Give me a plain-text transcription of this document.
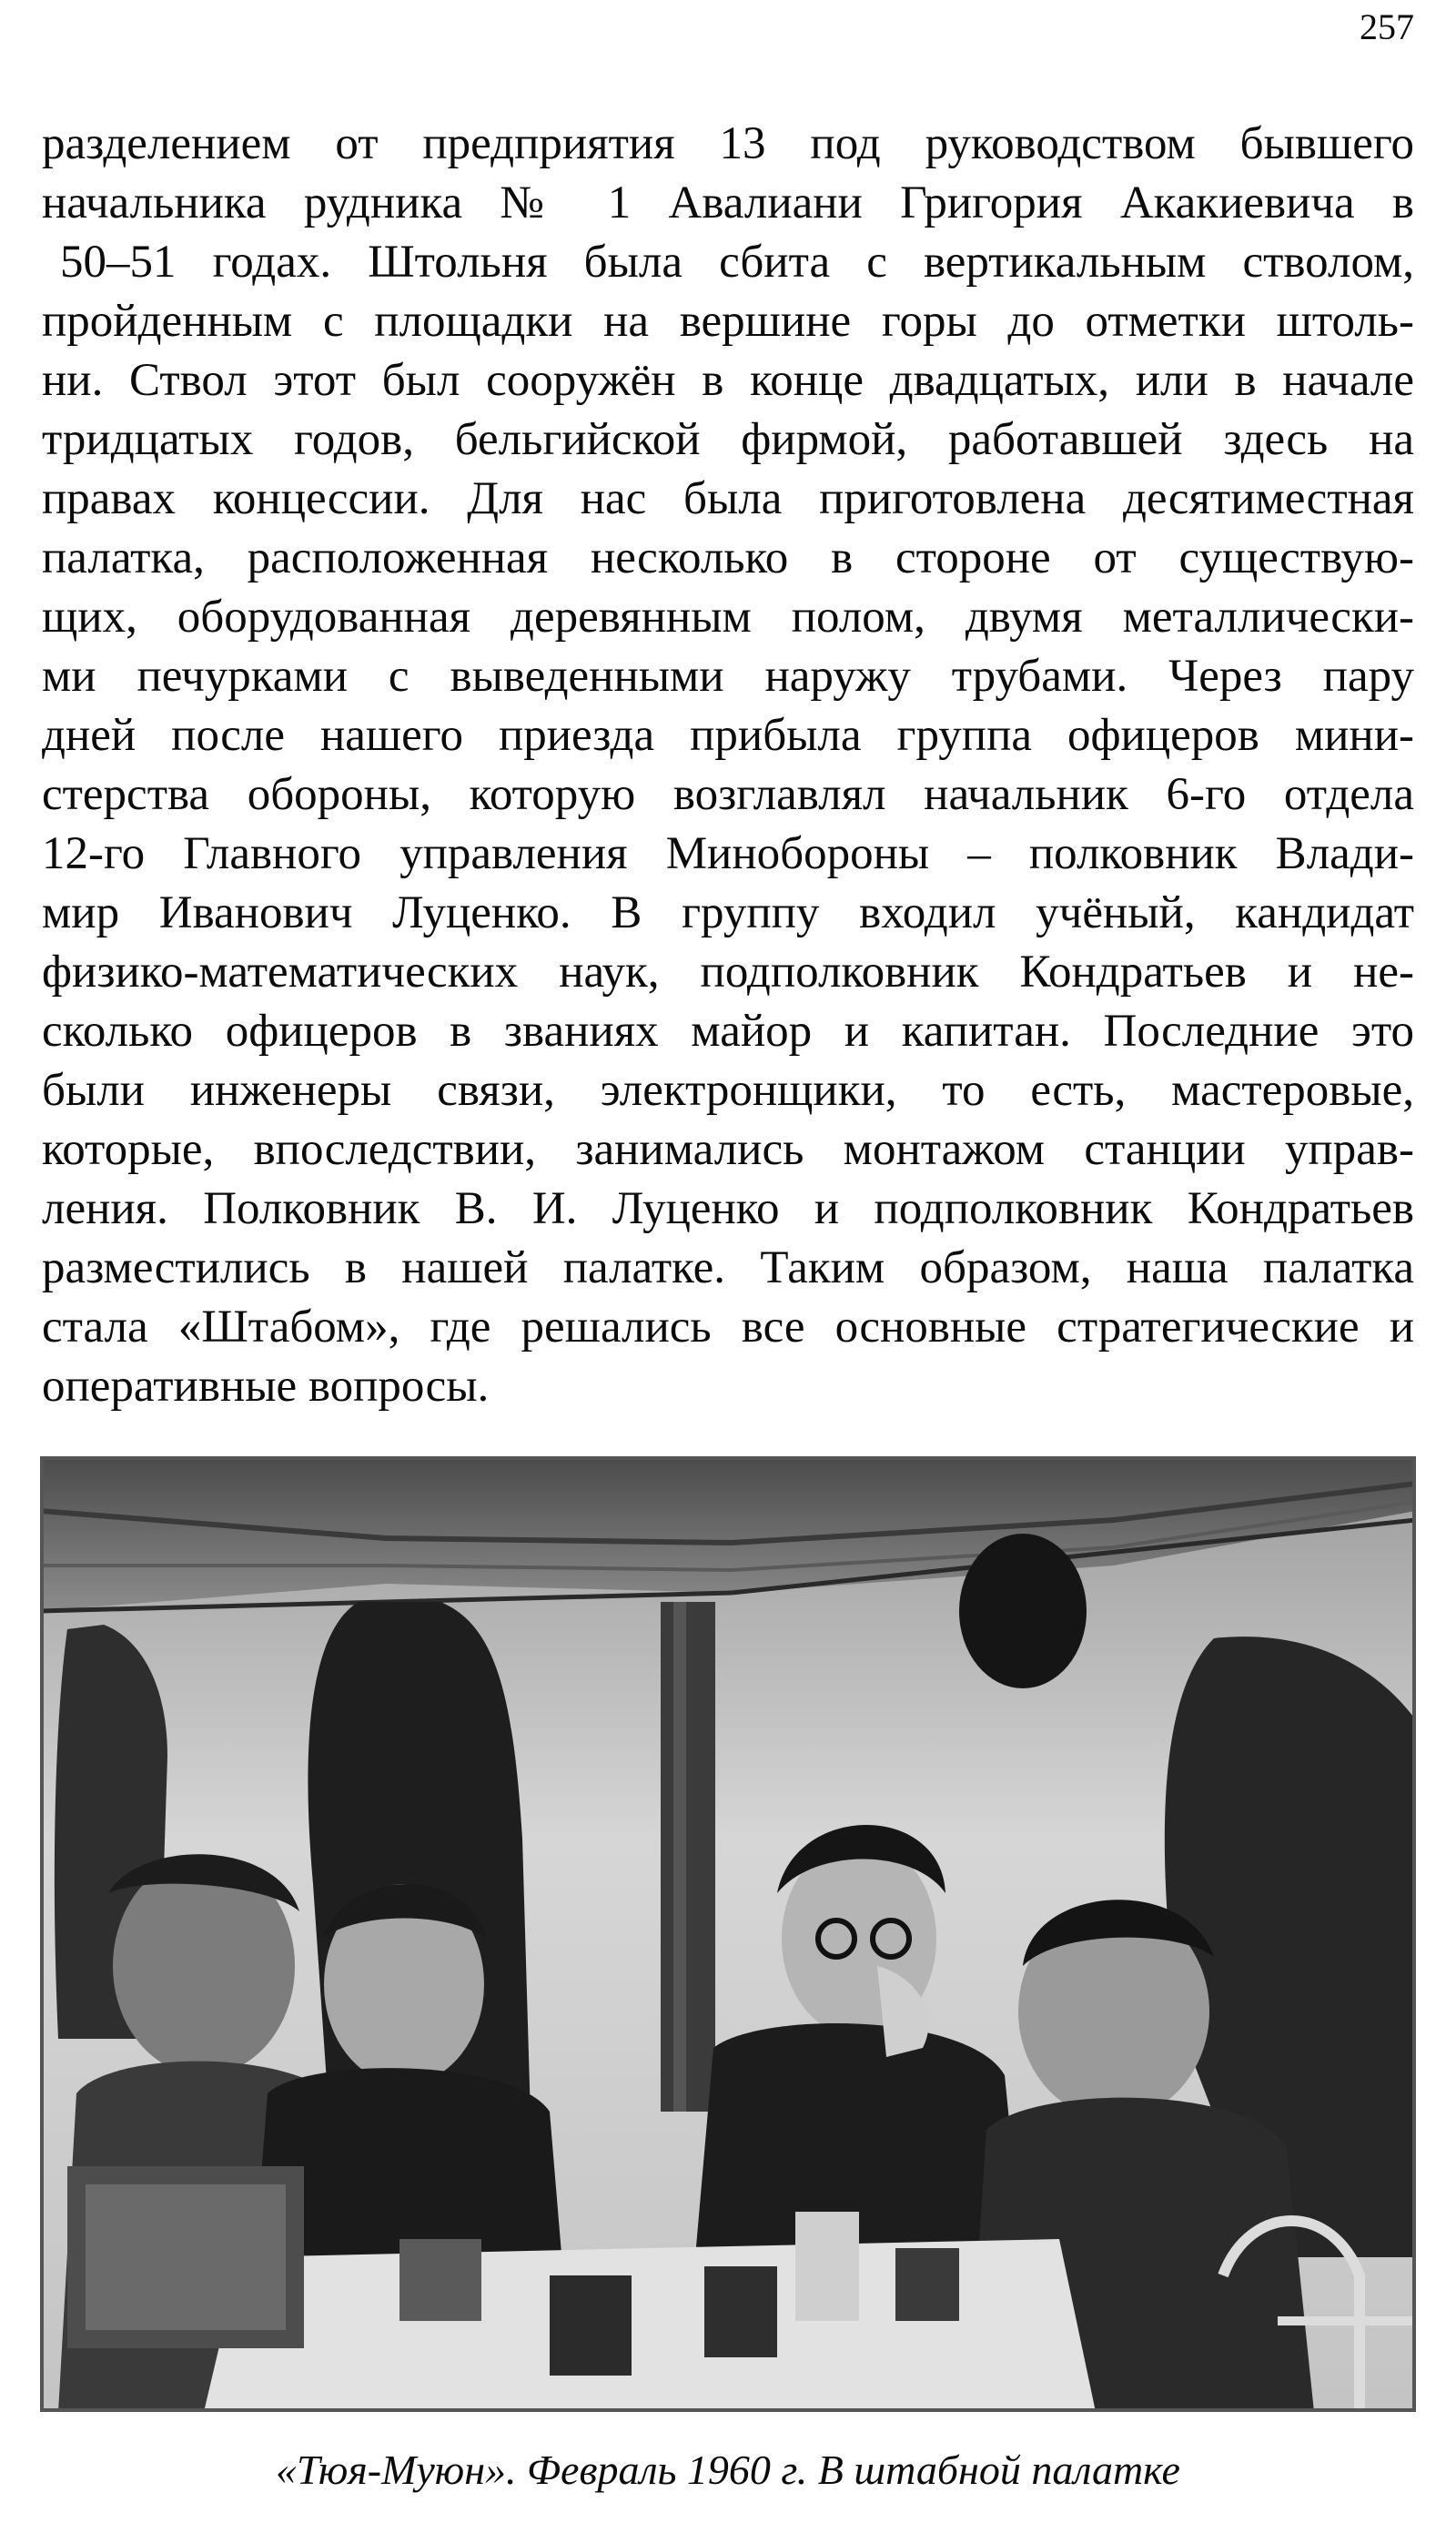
257
разделением от предприятия 13 под руководством бывшего
начальника рудника № 1 Авалиани Григория Акакиевича в
50–51 годах. Штольня была сбита с вертикальным стволом,
пройденным с площадки на вершине горы до отметки штоль-
ни. Ствол этот был сооружён в конце двадцатых, или в начале
тридцатых годов, бельгийской фирмой, работавшей здесь на
правах концессии. Для нас была приготовлена десятиместная
палатка, расположенная несколько в стороне от существую-
щих, оборудованная деревянным полом, двумя металлически-
ми печурками с выведенными наружу трубами. Через пару
дней после нашего приезда прибыла группа офицеров мини-
стерства обороны, которую возглавлял начальник 6-го отдела
12-го Главного управления Минобороны – полковник Влади-
мир Иванович Луценко. В группу входил учёный, кандидат
физико-математических наук, подполковник Кондратьев и не-
сколько офицеров в званиях майор и капитан. Последние это
были инженеры связи, электронщики, то есть, мастеровые,
которые, впоследствии, занимались монтажом станции управ-
ления. Полковник В. И. Луценко и подполковник Кондратьев
разместились в нашей палатке. Таким образом, наша палатка
стала «Штабом», где решались все основные стратегические и
оперативные вопросы.
«Тюя-Муюн». Февраль 1960 г. В штабной палатке
